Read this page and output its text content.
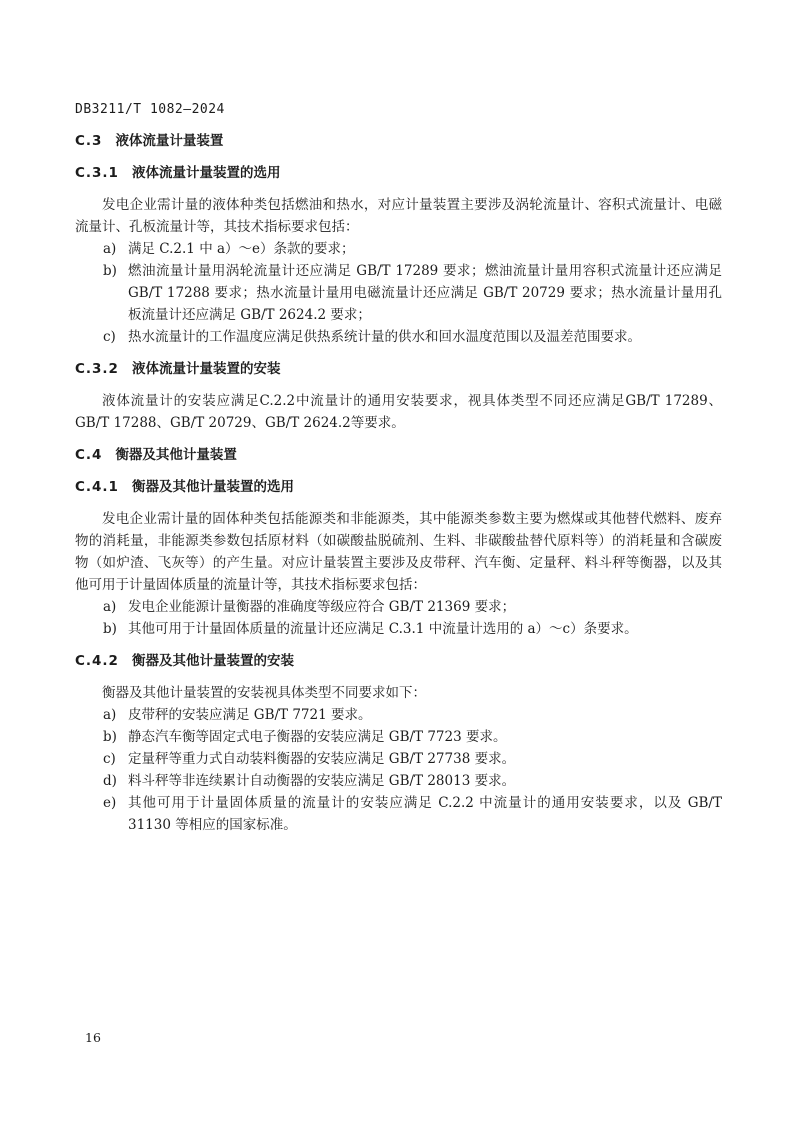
DB3211/T 1082—2024
C.3 液体流量计量装置
C.3.1 液体流量计量装置的选用

发电企业需计量的液体种类包括燃油和热水，对应计量装置主要涉及涡轮流量计、容积式流量计、电磁流量计、孔板流量计等，其技术指标要求包括：

a) 满足 C.2.1 中 a）～e）条款的要求；
b) 燃油流量计量用涡轮流量计还应满足 GB/T 17289 要求；燃油流量计量用容积式流量计还应满足 GB/T 17288 要求；热水流量计量用电磁流量计还应满足 GB/T 20729 要求；热水流量计量用孔板流量计还应满足 GB/T 2624.2 要求；
c) 热水流量计的工作温度应满足供热系统计量的供水和回水温度范围以及温差范围要求。
C.3.2 液体流量计量装置的安装

液体流量计的安装应满足C.2.2中流量计的通用安装要求，视具体类型不同还应满足GB/T 17289、GB/T 17288、GB/T 20729、GB/T 2624.2等要求。

C.4 衡器及其他计量装置
C.4.1 衡器及其他计量装置的选用

发电企业需计量的固体种类包括能源类和非能源类，其中能源类参数主要为燃煤或其他替代燃料、废弃物的消耗量，非能源类参数包括原材料（如碳酸盐脱硫剂、生料、非碳酸盐替代原料等）的消耗量和含碳废物（如炉渣、飞灰等）的产生量。对应计量装置主要涉及皮带秤、汽车衡、定量秤、料斗秤等衡器，以及其他可用于计量固体质量的流量计等，其技术指标要求包括：

a) 发电企业能源计量衡器的准确度等级应符合 GB/T 21369 要求；
b) 其他可用于计量固体质量的流量计还应满足 C.3.1 中流量计选用的 a）～c）条要求。
C.4.2 衡器及其他计量装置的安装

衡器及其他计量装置的安装视具体类型不同要求如下：

a) 皮带秤的安装应满足 GB/T 7721 要求。
b) 静态汽车衡等固定式电子衡器的安装应满足 GB/T 7723 要求。
c) 定量秤等重力式自动装料衡器的安装应满足 GB/T 27738 要求。
d) 料斗秤等非连续累计自动衡器的安装应满足 GB/T 28013 要求。
e) 其他可用于计量固体质量的流量计的安装应满足 C.2.2 中流量计的通用安装要求，以及 GB/T 31130 等相应的国家标准。
16
